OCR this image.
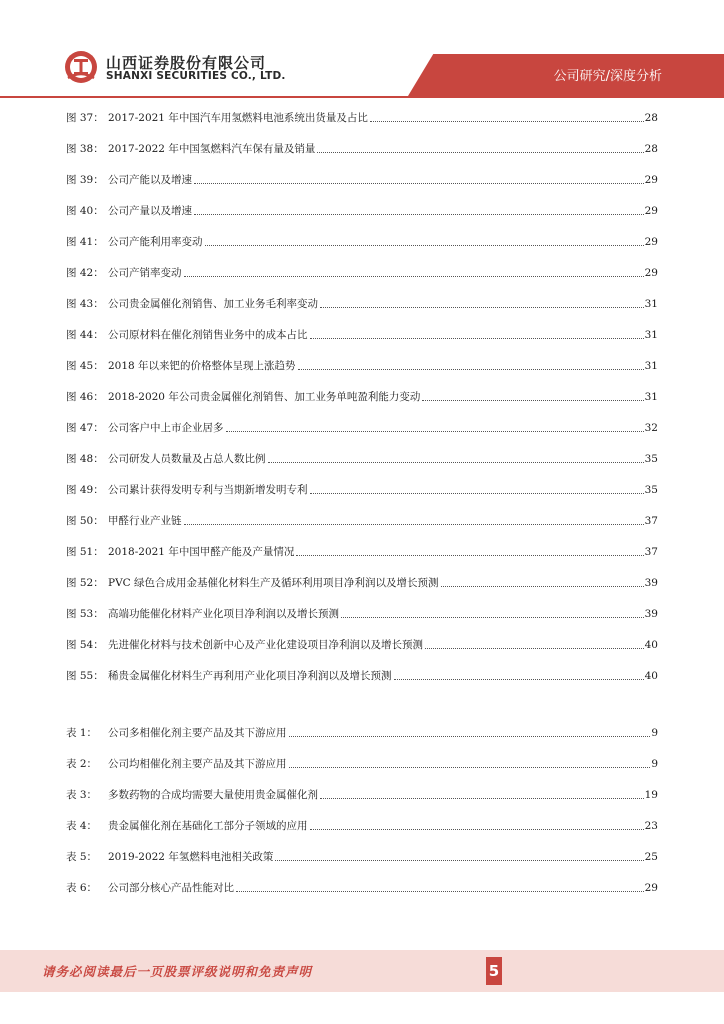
山西证券股份有限公司
SHANXI SECURITIES CO., LTD.	公司研究/深度分析
图 37： 2017-2021 年中国汽车用氢燃料电池系统出货量及占比	28
图 38： 2017-2022 年中国氢燃料汽车保有量及销量	28
图 39： 公司产能以及增速	29
图 40： 公司产量以及增速	29
图 41： 公司产能利用率变动	29
图 42： 公司产销率变动	29
图 43： 公司贵金属催化剂销售、加工业务毛利率变动	31
图 44： 公司原材料在催化剂销售业务中的成本占比	31
图 45： 2018 年以来钯的价格整体呈现上涨趋势	31
图 46： 2018-2020 年公司贵金属催化剂销售、加工业务单吨盈利能力变动	31
图 47： 公司客户中上市企业居多	32
图 48： 公司研发人员数量及占总人数比例	35
图 49： 公司累计获得发明专利与当期新增发明专利	35
图 50： 甲醛行业产业链	37
图 51： 2018-2021 年中国甲醛产能及产量情况	37
图 52： PVC 绿色合成用金基催化材料生产及循环利用项目净利润以及增长预测	39
图 53： 高端功能催化材料产业化项目净利润以及增长预测	39
图 54： 先进催化材料与技术创新中心及产业化建设项目净利润以及增长预测	40
图 55： 稀贵金属催化材料生产再利用产业化项目净利润以及增长预测	40
表 1：	公司多相催化剂主要产品及其下游应用	9
表 2：	公司均相催化剂主要产品及其下游应用	9
表 3：	多数药物的合成均需要大量使用贵金属催化剂	19
表 4：	贵金属催化剂在基础化工部分子领域的应用	23
表 5：	2019-2022 年氢燃料电池相关政策	25
表 6：	公司部分核心产品性能对比	29
请务必阅读最后一页股票评级说明和免责声明	5
